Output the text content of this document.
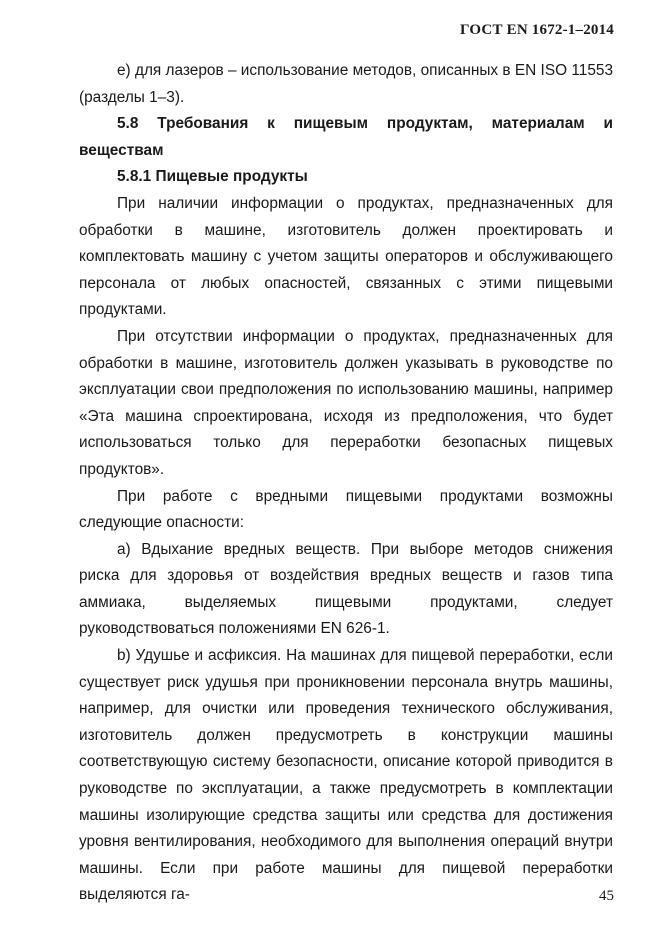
ГОСТ EN 1672-1–2014

e) для лазеров – использование методов, описанных в EN ISO 11553 (разделы 1–3).

5.8 Требования к пищевым продуктам, материалам и веществам

5.8.1 Пищевые продукты

При наличии информации о продуктах, предназначенных для обработки в машине, изготовитель должен проектировать и комплектовать машину с учетом защиты операторов и обслуживающего персонала от любых опасностей, связанных с этими пищевыми продуктами.

При отсутствии информации о продуктах, предназначенных для обработки в машине, изготовитель должен указывать в руководстве по эксплуатации свои предположения по использованию машины, например «Эта машина спроектирована, исходя из предположения, что будет использоваться только для переработки безопасных пищевых продуктов».

При работе с вредными пищевыми продуктами возможны следующие опасности:

a) Вдыхание вредных веществ. При выборе методов снижения риска для здоровья от воздействия вредных веществ и газов типа аммиака, выделяемых пищевыми продуктами, следует руководствоваться положениями EN 626-1.

b) Удушье и асфиксия. На машинах для пищевой переработки, если существует риск удушья при проникновении персонала внутрь машины, например, для очистки или проведения технического обслуживания, изготовитель должен предусмотреть в конструкции машины соответствующую систему безопасности, описание которой приводится в руководстве по эксплуатации, а также предусмотреть в комплектации машины изолирующие средства защиты или средства для достижения уровня вентилирования, необходимого для выполнения операций внутри машины. Если при работе машины для пищевой переработки выделяются га-	45
